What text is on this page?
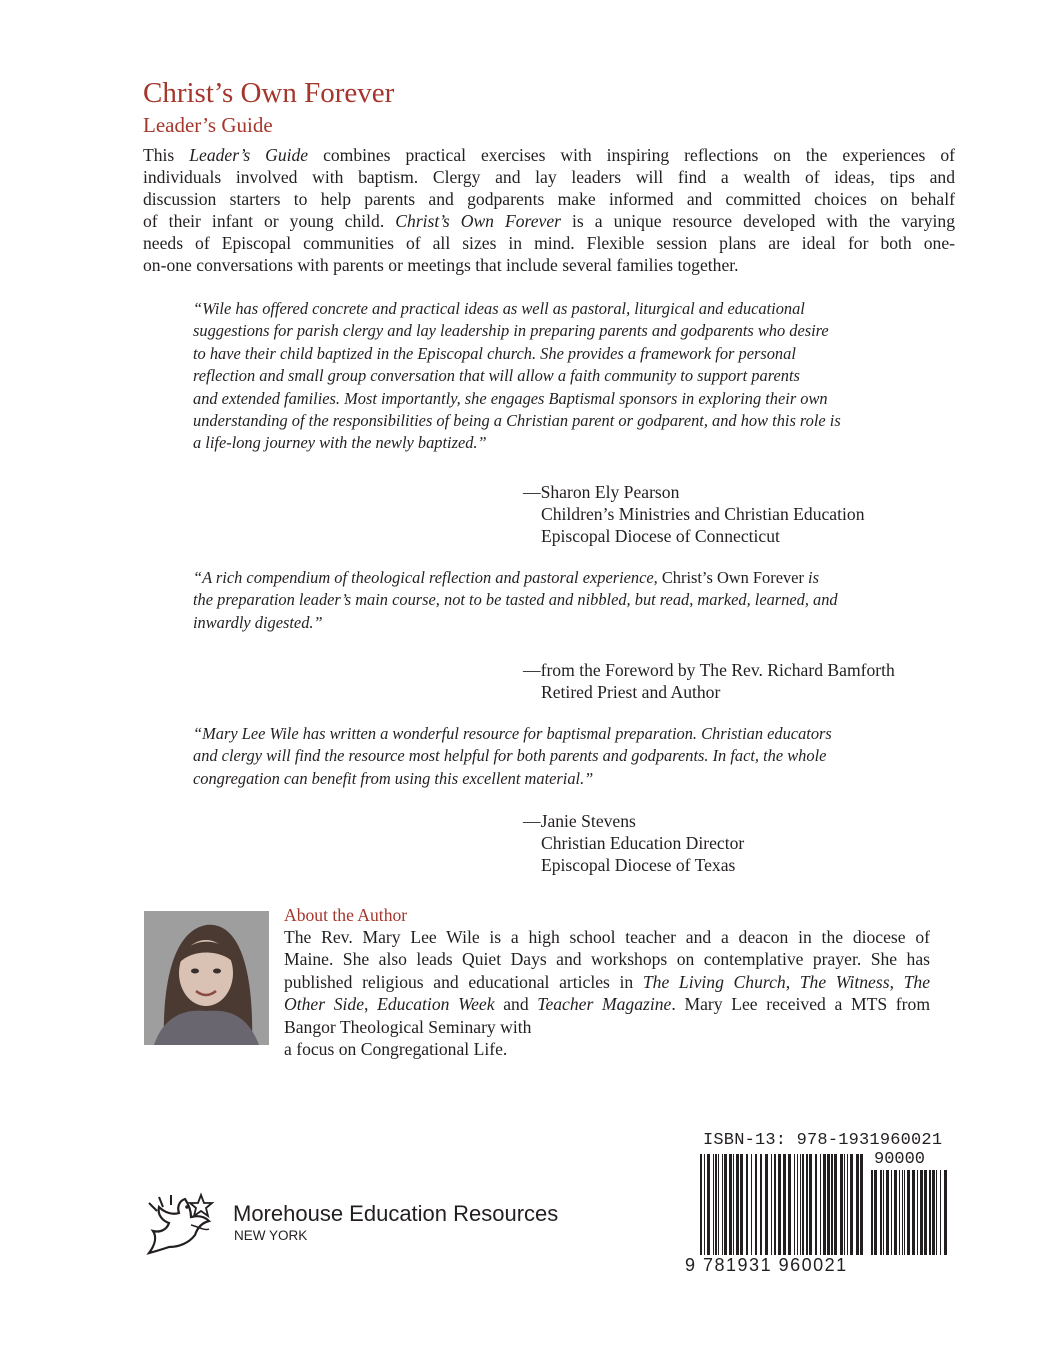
Christ’s Own Forever
Leader’s Guide

This Leader’s Guide combines practical exercises with inspiring reflections on the experiences of
individuals involved with baptism. Clergy and lay leaders will find a wealth of ideas, tips and
discussion starters to help parents and godparents make informed and committed choices on behalf
of their infant or young child. Christ’s Own Forever is a unique resource developed with the varying
needs of Episcopal communities of all sizes in mind. Flexible session plans are ideal for both one-
on-one conversations with parents or meetings that include several families together.

“Wile has offered concrete and practical ideas as well as pastoral, liturgical and educational
suggestions for parish clergy and lay leadership in preparing parents and godparents who desire
to have their child baptized in the Episcopal church. She provides a framework for personal
reflection and small group conversation that will allow a faith community to support parents
and extended families. Most importantly, she engages Baptismal sponsors in exploring their own
understanding of the responsibilities of being a Christian parent or godparent, and how this role is
a life-long journey with the newly baptized.”

—Sharon Ely Pearson
Children’s Ministries and Christian Education
Episcopal Diocese of Connecticut

“A rich compendium of theological reflection and pastoral experience, Christ’s Own Forever is
the preparation leader’s main course, not to be tasted and nibbled, but read, marked, learned, and
inwardly digested.”

—from the Foreword by The Rev. Richard Bamforth
Retired Priest and Author

“Mary Lee Wile has written a wonderful resource for baptismal preparation. Christian educators
and clergy will find the resource most helpful for both parents and godparents. In fact, the whole
congregation can benefit from using this excellent material.”

—Janie Stevens
Christian Education Director
Episcopal Diocese of Texas
About the Author

The Rev. Mary Lee Wile is a high school teacher and a deacon in the diocese of
Maine. She also leads Quiet Days and workshops on contemplative prayer. She has
published religious and educational articles in The Living Church, The Witness, The
Other Side, Education Week and Teacher Magazine. Mary Lee received a MTS from
Bangor Theological Seminary with
a focus on Congregational Life.

Morehouse Education Resources
NEW YORK
ISBN-13: 978-1931960021
90000
9 781931 960021
